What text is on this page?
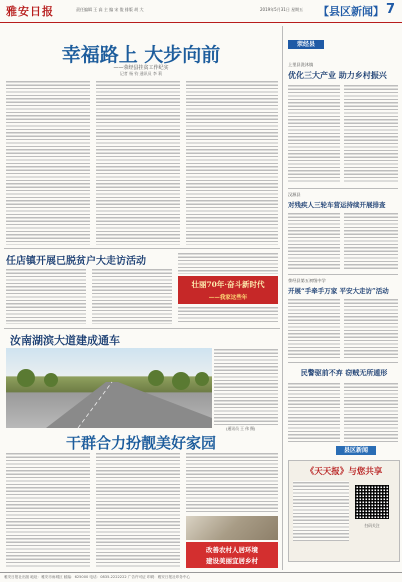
雅安日报	责任编辑 王 高 主 编 宋 俊 排版 胡 大	2019年5月31日 星期五 【县区新闻】 7
幸福路上 大步向前
——荥经县挂贫工作纪实
记者 杨 钧 通讯员 李 莉
任店镇开展已脱贫户大走访活动
壮丽70年·奋斗新时代
——我家这些年
汝南湖滨大道建成通车
(通讯员 王 伟 摄)
干群合力扮靓美好家园
改善农村人居环境
建设美丽宜居乡村
荥经县
上里县洗沐镇
优化三大产业 助力乡村振兴
汉源县
对残疾人三轮车营运持续开展排查
荥经县第五初级中学
开展“手牵手万家 平安大走访”活动
民警驱前不弃 窃贼无所遁形
县区新闻
《天天报》与您共享
扫码关注
雅安日报社出版 地址：雅安市雨城区 邮编：625000 电话：0835-2222222 广告许可证 印刷：雅安日报社印务中心
